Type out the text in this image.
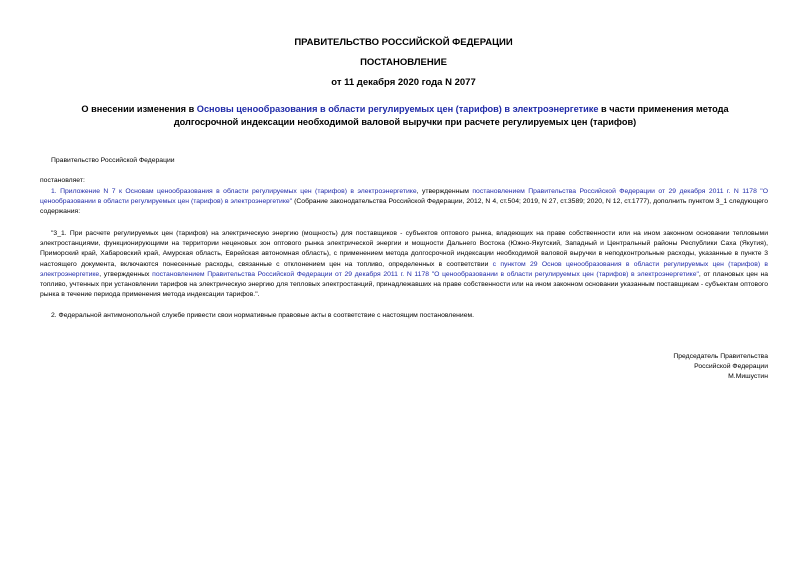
ПРАВИТЕЛЬСТВО РОССИЙСКОЙ ФЕДЕРАЦИИ
ПОСТАНОВЛЕНИЕ
от 11 декабря 2020 года N 2077
О внесении изменения в Основы ценообразования в области регулируемых цен (тарифов) в электроэнергетике в части применения метода долгосрочной индексации необходимой валовой выручки при расчете регулируемых цен (тарифов)
Правительство Российской Федерации
постановляет:
1. Приложение N 7 к Основам ценообразования в области регулируемых цен (тарифов) в электроэнергетике, утвержденным постановлением Правительства Российской Федерации от 29 декабря 2011 г. N 1178 "О ценообразовании в области регулируемых цен (тарифов) в электроэнергетике" (Собрание законодательства Российской Федерации, 2012, N 4, ст.504; 2019, N 27, ст.3589; 2020, N 12, ст.1777), дополнить пунктом 3_1 следующего содержания:
"3_1. При расчете регулируемых цен (тарифов) на электрическую энергию (мощность) для поставщиков - субъектов оптового рынка, владеющих на праве собственности или на ином законном основании тепловыми электростанциями, функционирующими на территории неценовых зон оптового рынка электрической энергии и мощности Дальнего Востока (Южно-Якутский, Западный и Центральный районы Республики Саха (Якутия), Приморский край, Хабаровский край, Амурская область, Еврейская автономная область), с применением метода долгосрочной индексации необходимой валовой выручки в неподконтрольные расходы, указанные в пункте 3 настоящего документа, включаются понесенные расходы, связанные с отклонением цен на топливо, определенных в соответствии с пунктом 29 Основ ценообразования в области регулируемых цен (тарифов) в электроэнергетике, утвержденных постановлением Правительства Российской Федерации от 29 декабря 2011 г. N 1178 "О ценообразовании в области регулируемых цен (тарифов) в электроэнергетике", от плановых цен на топливо, учтенных при установлении тарифов на электрическую энергию для тепловых электростанций, принадлежавших на праве собственности или на ином законном основании указанным поставщикам - субъектам оптового рынка в течение периода применения метода индексации тарифов.".
2. Федеральной антимонопольной службе привести свои нормативные правовые акты в соответствие с настоящим постановлением.
Председатель Правительства
Российской Федерации
М.Мишустин
